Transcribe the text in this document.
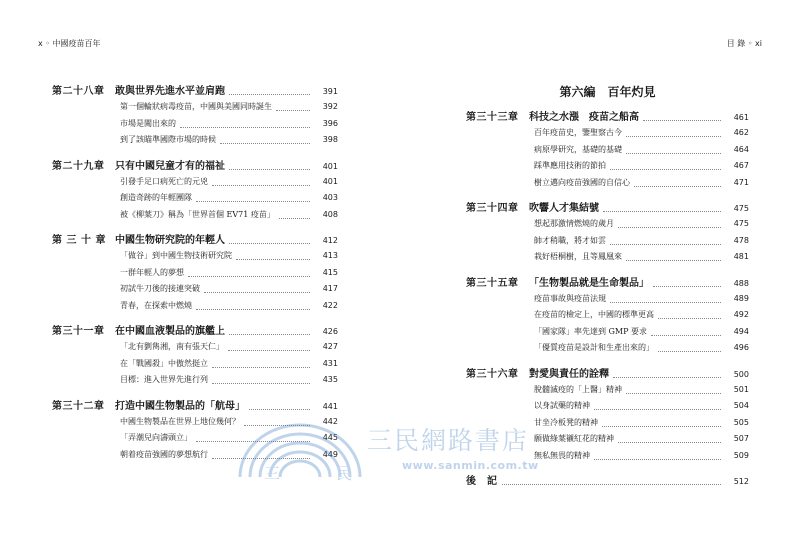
x ◦ 中國疫苗百年	目 錄 ◦ xi
第二十八章 敢與世界先進水平並肩跑	391
第一個輪狀病毒疫苗，中國與美國同時誕生	392
市場是闖出來的	396
到了該瞄準國際市場的時候	398
第二十九章 只有中國兒童才有的福祉	401
引發手足口病死亡的元兇	401
創造奇跡的年輕團隊	403
被《柳葉刀》稱為「世界首個 EV71 疫苗」	408
第 三 十 章 中國生物研究院的年輕人	412
「做谷」到中國生物技術研究院	413
一群年輕人的夢想	415
初試牛刀後的接連突破	417
青春，在探索中燃燒	422
第三十一章 在中國血液製品的旗艦上	426
「北有劉雋湘，南有張天仁」	427
在「戰國殺」中傲然挺立	431
目標：進入世界先進行列	435
第三十二章 打造中國生物製品的「航母」	441
中國生物製品在世界上地位幾何？	442
「弄潮兒向濤頭立」	445
朝着疫苗強國的夢想航行	449
第六編　百年灼見
第三十三章 科技之水漲　疫苗之船高	461
百年疫苗史，鑒聖察古今	462
病原學研究，基礎的基礎	464
踩準應用技術的節拍	467
樹立邁向疫苗強國的自信心	471
第三十四章 吹響人才集結號	475
想起那激情燃燒的歲月	475
帥才稍職，將才如雲	478
栽好梧桐樹，且等鳳凰來	481
第三十五章 「生物製品就是生命製品」	488
疫苗事故與疫苗法規	489
在疫苗的檢定上，中國的標準更高	492
「國家隊」率先達到 GMP 要求	494
「優質疫苗是設計和生產出來的」	496
第三十六章 對愛與責任的詮釋	500
脫髓滅疫的「上醫」精神	501
以身試藥的精神	504
甘坐冷板凳的精神	505
願做綠葉襯紅花的精神	507
無私無畏的精神	509
後　記	512
三民網路書店
www.sanmin.com.tw
三	民
